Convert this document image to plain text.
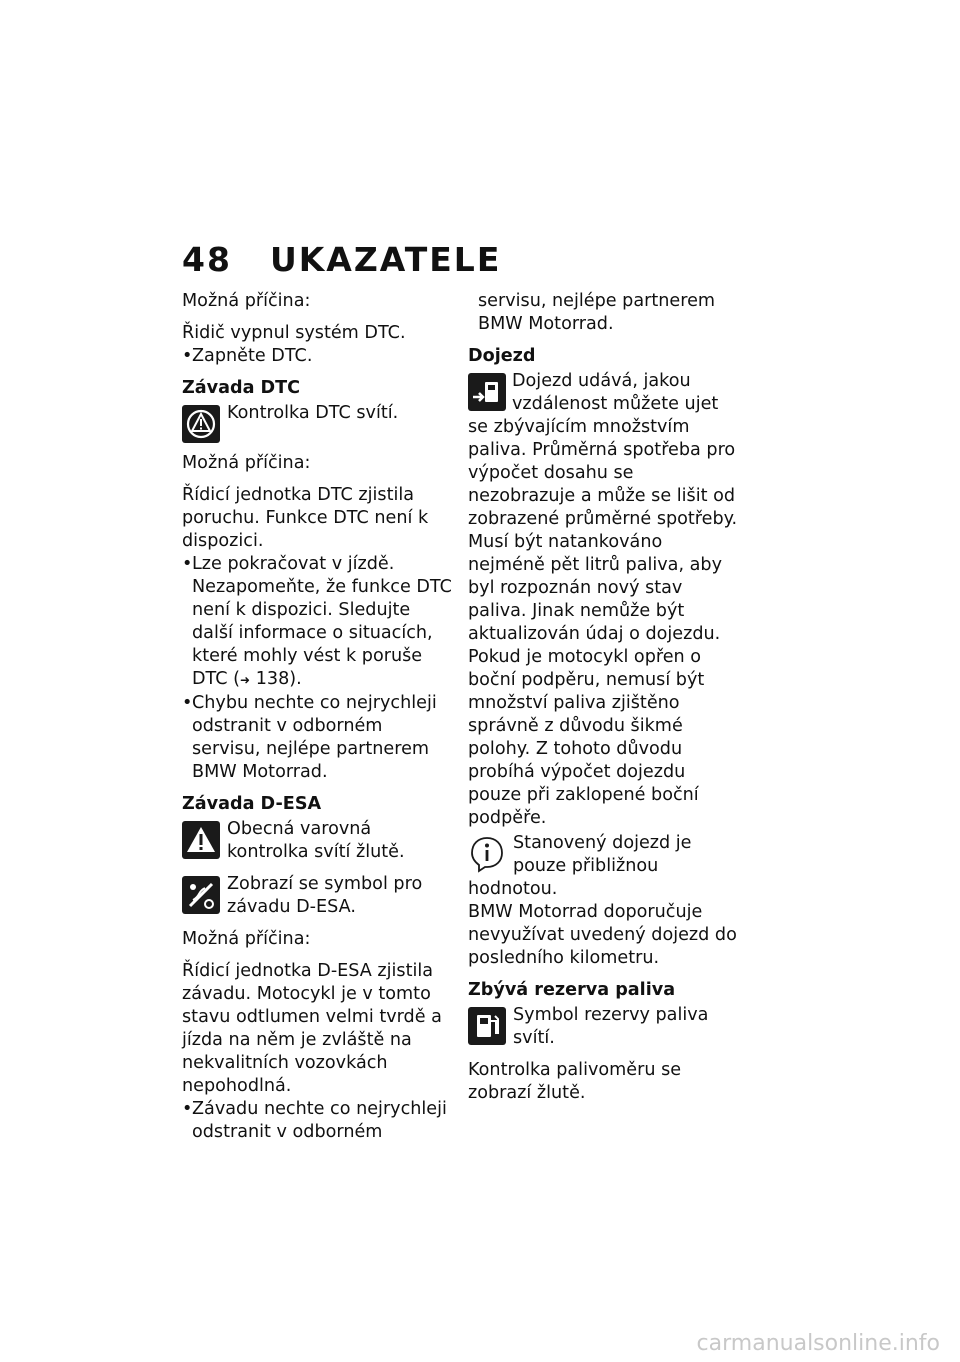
48 UKAZATELE

Možná příčina:

Řidič vypnul systém DTC.

• Zapněte DTC.
Závada DTC
Kontrolka DTC svítí.

Možná příčina:

Řídicí jednotka DTC zjistila poruchu. Funkce DTC není k dispozici.

• Lze pokračovat v jízdě. Nezapomeňte, že funkce DTC není k dispozici. Sledujte další informace o situacích, které mohly vést k poruše DTC (➜ 138).
• Chybu nechte co nejrychleji odstranit v odborném servisu, nejlépe partnerem BMW Motorrad.
Závada D-ESA
Obecná varovná kontrolka svítí žlutě.
Zobrazí se symbol pro závadu D-ESA.

Možná příčina:

Řídicí jednotka D-ESA zjistila závadu. Motocykl je v tomto stavu odtlumen velmi tvrdě a jízda na něm je zvláště na nekvalitních vozovkách nepohodlná.

• Závadu nechte co nejrychleji odstranit v odborném
servisu, nejlépe partnerem BMW Motorrad.
Dojezd
Dojezd udává, jakou vzdálenost můžete ujet se zbývajícím množstvím paliva. Průměrná spotřeba pro výpočet dosahu se nezobrazuje a může se lišit od zobrazené průměrné spotřeby.

Musí být natankováno nejméně pět litrů paliva, aby byl rozpoznán nový stav paliva. Jinak nemůže být aktualizován údaj o dojezdu.

Pokud je motocykl opřen o boční podpěru, nemusí být množství paliva zjištěno správně z důvodu šikmé polohy. Z tohoto důvodu probíhá výpočet dojezdu pouze při zaklopené boční podpěře.

Stanovený dojezd je pouze přibližnou hodnotou.

BMW Motorrad doporučuje nevyužívat uvedený dojezd do posledního kilometru.

Zbývá rezerva paliva
Symbol rezervy paliva svítí.

Kontrolka palivoměru se zobrazí žlutě.

carmanualsonline.info
